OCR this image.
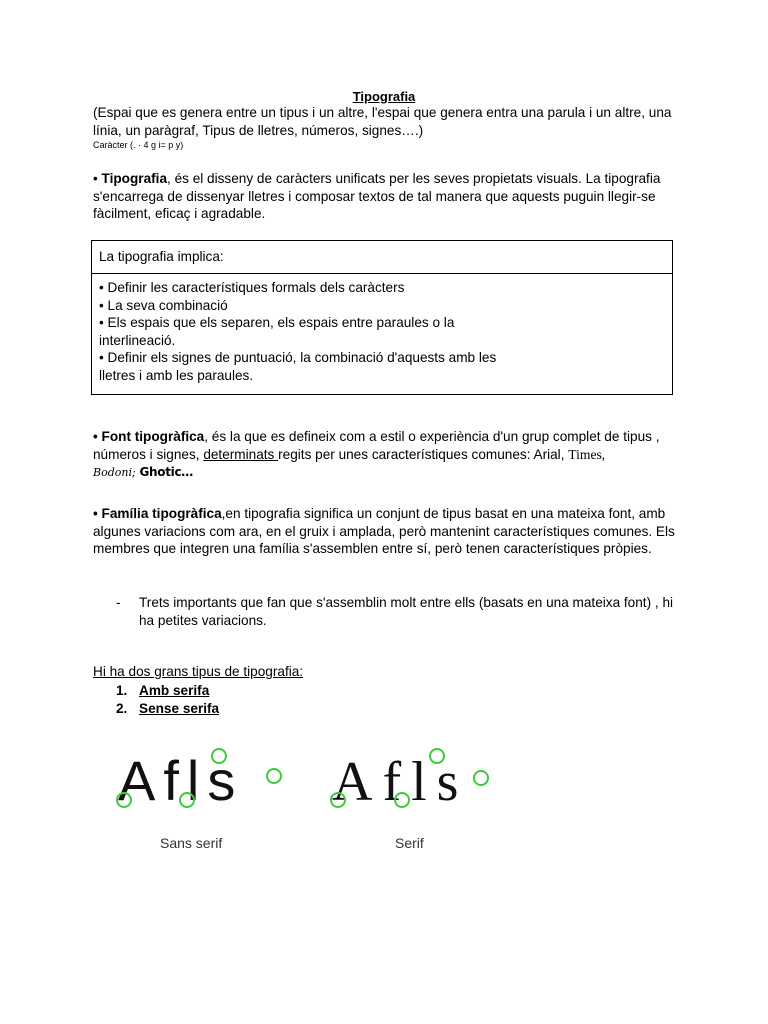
Tipografia
(Espai que es genera entre un tipus i un altre, l'espai que genera entra una parula i un altre, una línia, un paràgraf, Tipus de lletres, números, signes….)
Caràcter (. · 4 g i= p y)
• Tipografia, és el disseny de caràcters unificats per les seves propietats visuals. La tipografia s'encarrega de dissenyar lletres i composar textos de tal manera que aquests puguin llegir-se fàcilment, eficaç i agradable.
La tipografia implica:
• Definir les característiques formals dels caràcters
• La seva combinació
• Els espais que els separen, els espais entre paraules o la interlineació.
• Definir els signes de puntuació, la combinació d'aquests amb les lletres i amb les paraules.
• Font tipogràfica, és la que es defineix com a estil o experiència d'un grup complet de tipus , números i signes, determinats regits per unes característiques comunes: Arial, Times,
Bodoni; Ghotic…
• Família tipogràfica,en tipografia significa un conjunt de tipus basat en una mateixa font, amb algunes variacions com ara, en el gruix i amplada, però mantenint característiques comunes. Els membres que integren una família s'assemblen entre sí, però tenen característiques pròpies.
- Trets importants que fan que s'assemblin molt entre ells (basats en una mateixa font) , hi ha petites variacions.
Hi ha dos grans tipus de tipografia:
1. Amb serifa
2. Sense serifa
Afls
Sans serif
Afls
Serif
